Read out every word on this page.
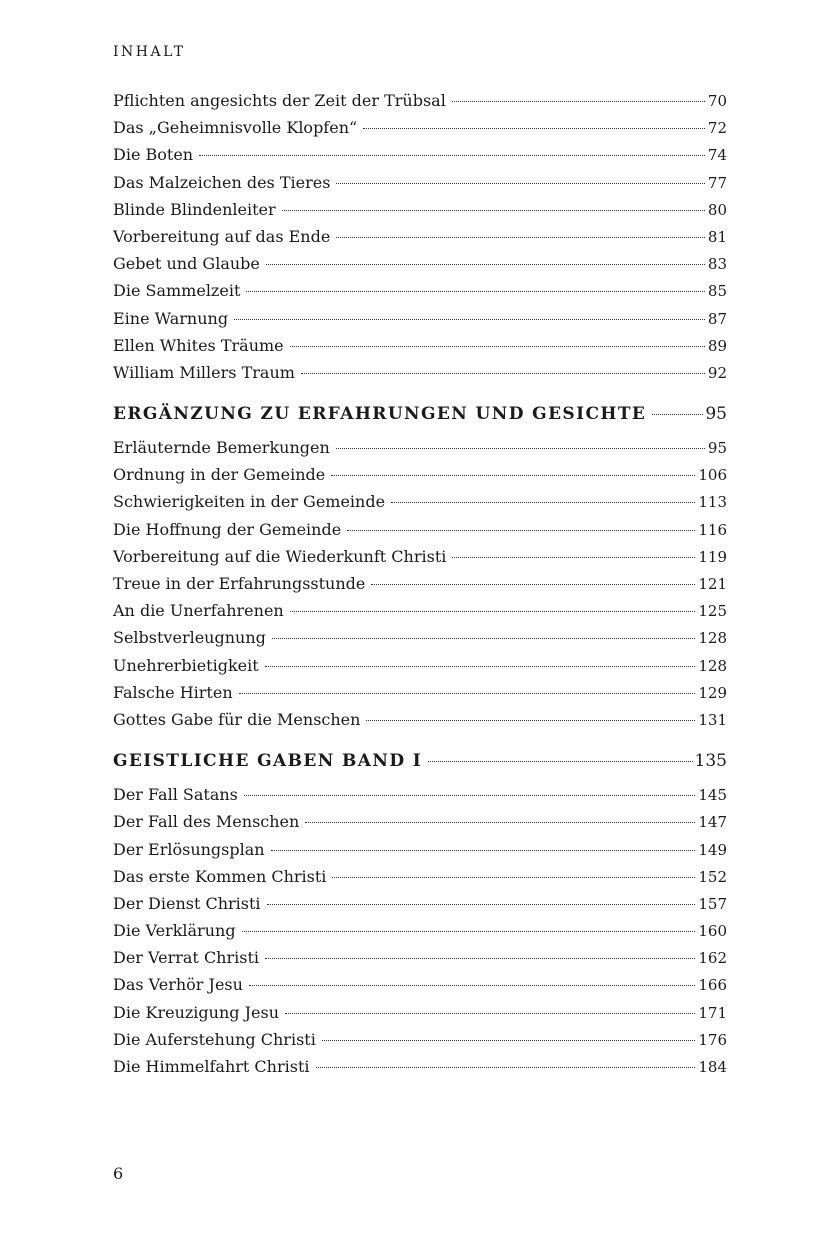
INHALT
Pflichten angesichts der Zeit der Trübsal	70
Das „Geheimnisvolle Klopfen“	72
Die Boten	74
Das Malzeichen des Tieres	77
Blinde Blindenleiter	80
Vorbereitung auf das Ende	81
Gebet und Glaube	83
Die Sammelzeit	85
Eine Warnung	87
Ellen Whites Träume	89
William Millers Traum	92
ERGÄNZUNG ZU ERFAHRUNGEN UND GESICHTE	95
Erläuternde Bemerkungen	95
Ordnung in der Gemeinde	106
Schwierigkeiten in der Gemeinde	113
Die Hoffnung der Gemeinde	116
Vorbereitung auf die Wiederkunft Christi	119
Treue in der Erfahrungsstunde	121
An die Unerfahrenen	125
Selbstverleugnung	128
Unehrerbietigkeit	128
Falsche Hirten	129
Gottes Gabe für die Menschen	131
GEISTLICHE GABEN BAND I	135
Der Fall Satans	145
Der Fall des Menschen	147
Der Erlösungsplan	149
Das erste Kommen Christi	152
Der Dienst Christi	157
Die Verklärung	160
Der Verrat Christi	162
Das Verhör Jesu	166
Die Kreuzigung Jesu	171
Die Auferstehung Christi	176
Die Himmelfahrt Christi	184
6
